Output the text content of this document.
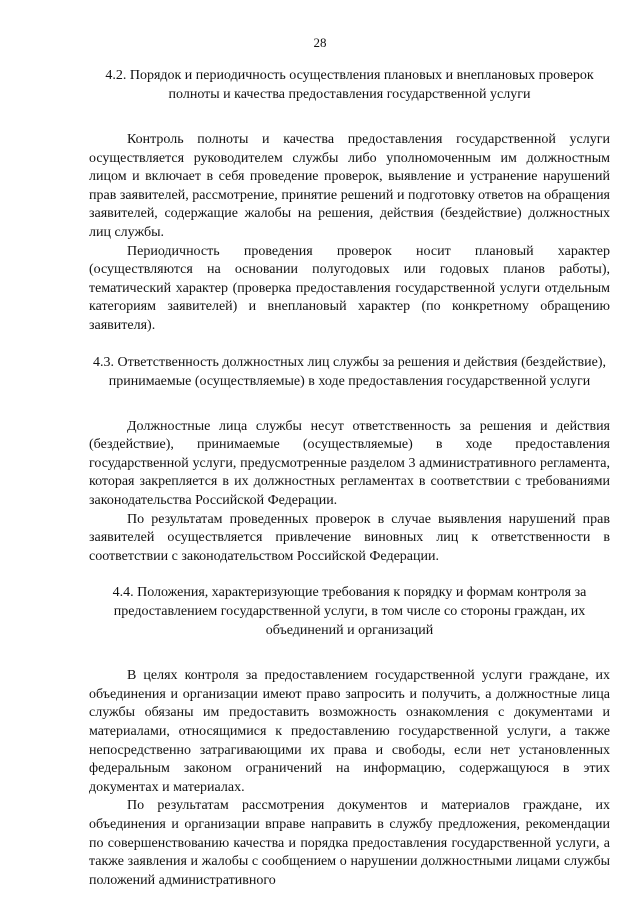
28

4.2. Порядок и периодичность осуществления плановых и внеплановых проверок полноты и качества предоставления государственной услуги

Контроль полноты и качества предоставления государственной услуги осуществляется руководителем службы либо уполномоченным им должностным лицом и включает в себя проведение проверок, выявление и устранение нарушений прав заявителей, рассмотрение, принятие решений и подготовку ответов на обращения заявителей, содержащие жалобы на решения, действия (бездействие) должностных лиц службы.

Периодичность проведения проверок носит плановый характер (осуществляются на основании полугодовых или годовых планов работы), тематический характер (проверка предоставления государственной услуги отдельным категориям заявителей) и внеплановый характер (по конкретному обращению заявителя).

4.3. Ответственность должностных лиц службы за решения и действия (бездействие), принимаемые (осуществляемые) в ходе предоставления государственной услуги

Должностные лица службы несут ответственность за решения и действия (бездействие), принимаемые (осуществляемые) в ходе предоставления государственной услуги, предусмотренные разделом 3 административного регламента, которая закрепляется в их должностных регламентах в соответствии с требованиями законодательства Российской Федерации.

По результатам проведенных проверок в случае выявления нарушений прав заявителей осуществляется привлечение виновных лиц к ответственности в соответствии с законодательством Российской Федерации.

4.4. Положения, характеризующие требования к порядку и формам контроля за предоставлением государственной услуги, в том числе со стороны граждан, их объединений и организаций

В целях контроля за предоставлением государственной услуги граждане, их объединения и организации имеют право запросить и получить, а должностные лица службы обязаны им предоставить возможность ознакомления с документами и материалами, относящимися к предоставлению государственной услуги, а также непосредственно затрагивающими их права и свободы, если нет установленных федеральным законом ограничений на информацию, содержащуюся в этих документах и материалах.

По результатам рассмотрения документов и материалов граждане, их объединения и организации вправе направить в службу предложения, рекомендации по совершенствованию качества и порядка предоставления государственной услуги, а также заявления и жалобы с сообщением о нарушении должностными лицами службы положений административного
